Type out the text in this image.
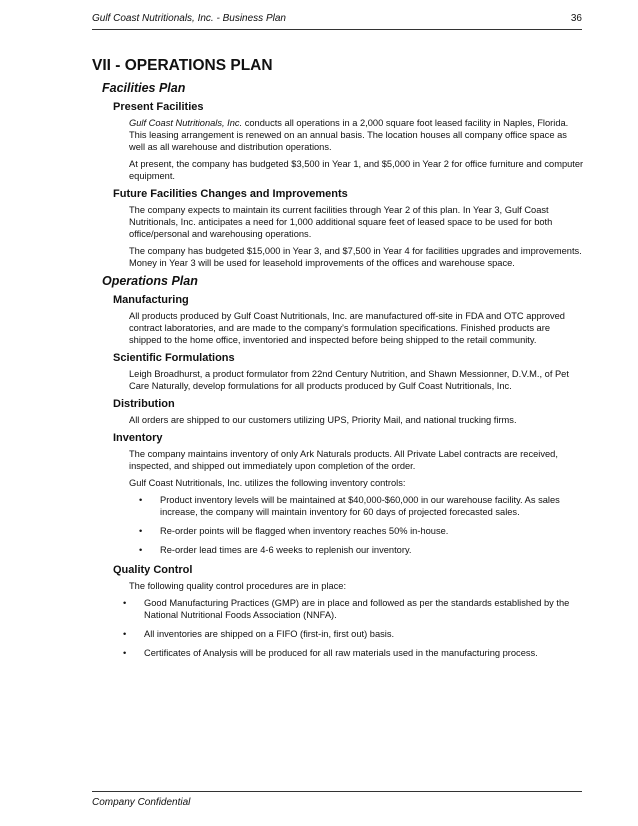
Gulf Coast Nutritionals, Inc. - Business Plan	36
VII - OPERATIONS PLAN
Facilities Plan
Present Facilities

Gulf Coast Nutritionals, Inc. conducts all operations in a 2,000 square foot leased facility in Naples, Florida. This leasing arrangement is renewed on an annual basis. The location houses all company office space as well as all warehouse and distribution operations.

At present, the company has budgeted $3,500 in Year 1, and $5,000 in Year 2 for office furniture and computer equipment.

Future Facilities Changes and Improvements

The company expects to maintain its current facilities through Year 2 of this plan. In Year 3, Gulf Coast Nutritionals, Inc. anticipates a need for 1,000 additional square feet of leased space to be used for both office/personal and warehousing operations.

The company has budgeted $15,000 in Year 3, and $7,500 in Year 4 for facilities upgrades and improvements. Money in Year 3 will be used for leasehold improvements of the offices and warehouse space.

Operations Plan
Manufacturing

All products produced by Gulf Coast Nutritionals, Inc. are manufactured off-site in FDA and OTC approved contract laboratories, and are made to the company’s formulation specifications. Finished products are shipped to the home office, inventoried and inspected before being shipped to the retail community.

Scientific Formulations

Leigh Broadhurst, a product formulator from 22nd Century Nutrition, and Shawn Messionner, D.V.M., of Pet Care Naturally, develop formulations for all products produced by Gulf Coast Nutritionals, Inc.

Distribution

All orders are shipped to our customers utilizing UPS, Priority Mail, and national trucking firms.

Inventory

The company maintains inventory of only Ark Naturals products. All Private Label contracts are received, inspected, and shipped out immediately upon completion of the order.

Gulf Coast Nutritionals, Inc. utilizes the following inventory controls:

• Product inventory levels will be maintained at $40,000-$60,000 in our warehouse facility. As sales increase, the company will maintain inventory for 60 days of projected forecasted sales.
• Re-order points will be flagged when inventory reaches 50% in-house.
• Re-order lead times are 4-6 weeks to replenish our inventory.
Quality Control

The following quality control procedures are in place:

• Good Manufacturing Practices (GMP) are in place and followed as per the standards established by the National Nutritional Foods Association (NNFA).
• All inventories are shipped on a FIFO (first-in, first out) basis.
• Certificates of Analysis will be produced for all raw materials used in the manufacturing process.
Company Confidential
